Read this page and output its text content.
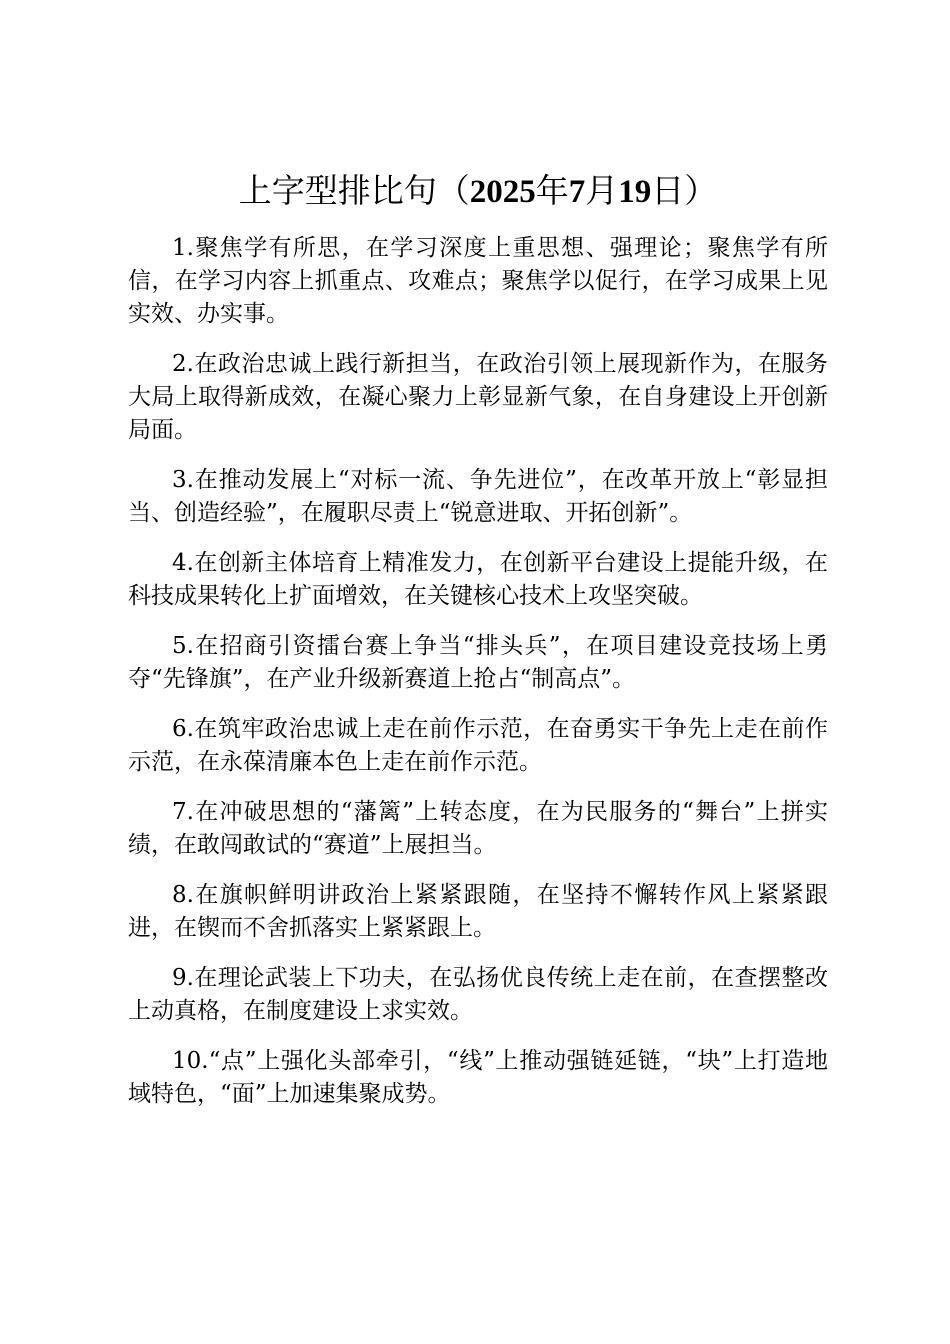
上字型排比句（2025年7月19日）

1.聚焦学有所思，在学习深度上重思想、强理论；聚焦学有所信，在学习内容上抓重点、攻难点；聚焦学以促行，在学习成果上见实效、办实事。

2.在政治忠诚上践行新担当，在政治引领上展现新作为，在服务大局上取得新成效，在凝心聚力上彰显新气象，在自身建设上开创新局面。

3.在推动发展上“对标一流、争先进位”，在改革开放上“彰显担当、创造经验”，在履职尽责上“锐意进取、开拓创新”。

4.在创新主体培育上精准发力，在创新平台建设上提能升级，在科技成果转化上扩面增效，在关键核心技术上攻坚突破。

5.在招商引资擂台赛上争当“排头兵”，在项目建设竞技场上勇夺“先锋旗”，在产业升级新赛道上抢占“制高点”。

6.在筑牢政治忠诚上走在前作示范，在奋勇实干争先上走在前作示范，在永葆清廉本色上走在前作示范。

7.在冲破思想的“藩篱”上转态度，在为民服务的“舞台”上拼实绩，在敢闯敢试的“赛道”上展担当。

8.在旗帜鲜明讲政治上紧紧跟随，在坚持不懈转作风上紧紧跟进，在锲而不舍抓落实上紧紧跟上。

9.在理论武装上下功夫，在弘扬优良传统上走在前，在查摆整改上动真格，在制度建设上求实效。

10.“点”上强化头部牵引，“线”上推动强链延链，“块”上打造地域特色，“面”上加速集聚成势。
